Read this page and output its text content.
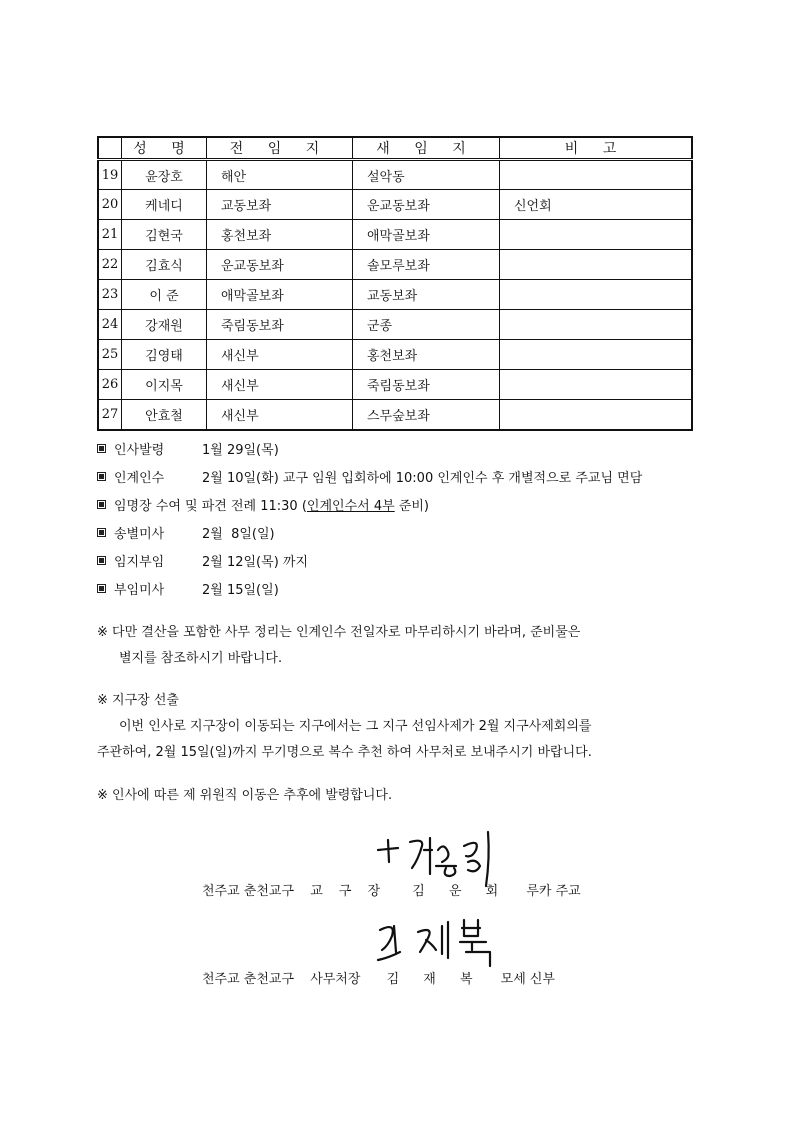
	성 명	전 임 지	새 임 지	비 고
19	윤장호	해안	설악동	
20	케네디	교동보좌	운교동보좌	신언회
21	김현국	홍천보좌	애막골보좌	
22	김효식	운교동보좌	솔모루보좌	
23	이 준	애막골보좌	교동보좌	
24	강재원	죽림동보좌	군종	
25	김영태	새신부	홍천보좌	
26	이지목	새신부	죽림동보좌	
27	안효철	새신부	스무숲보좌	
인사발령	1월 29일(목)
인계인수	2월 10일(화) 교구 임원 입회하에 10:00 인계인수 후 개별적으로 주교님 면담
임명장 수여 및 파견 전례 11:30 (인계인수서 4부 준비)
송별미사	2월  8일(일)
임지부임	2월 12일(목) 까지
부임미사	2월 15일(일)
※ 다만 결산을 포함한 사무 정리는 인계인수 전일자로 마무리하시기 바라며, 준비물은
별지를 참조하시기 바랍니다.
※ 지구장 선출
이번 인사로 지구장이 이동되는 지구에서는 그 지구 선임사제가 2월 지구사제회의를
주관하여, 2월 15일(일)까지 무기명으로 복수 추천 하여 사무처로 보내주시기 바랍니다.
※ 인사에 따른 제 위원직 이동은 추후에 발령합니다.
천주교 춘천교구 교 구 장 김 운 회 루카 주교
천주교 춘천교구 사무처장 김 재 복 모세 신부
